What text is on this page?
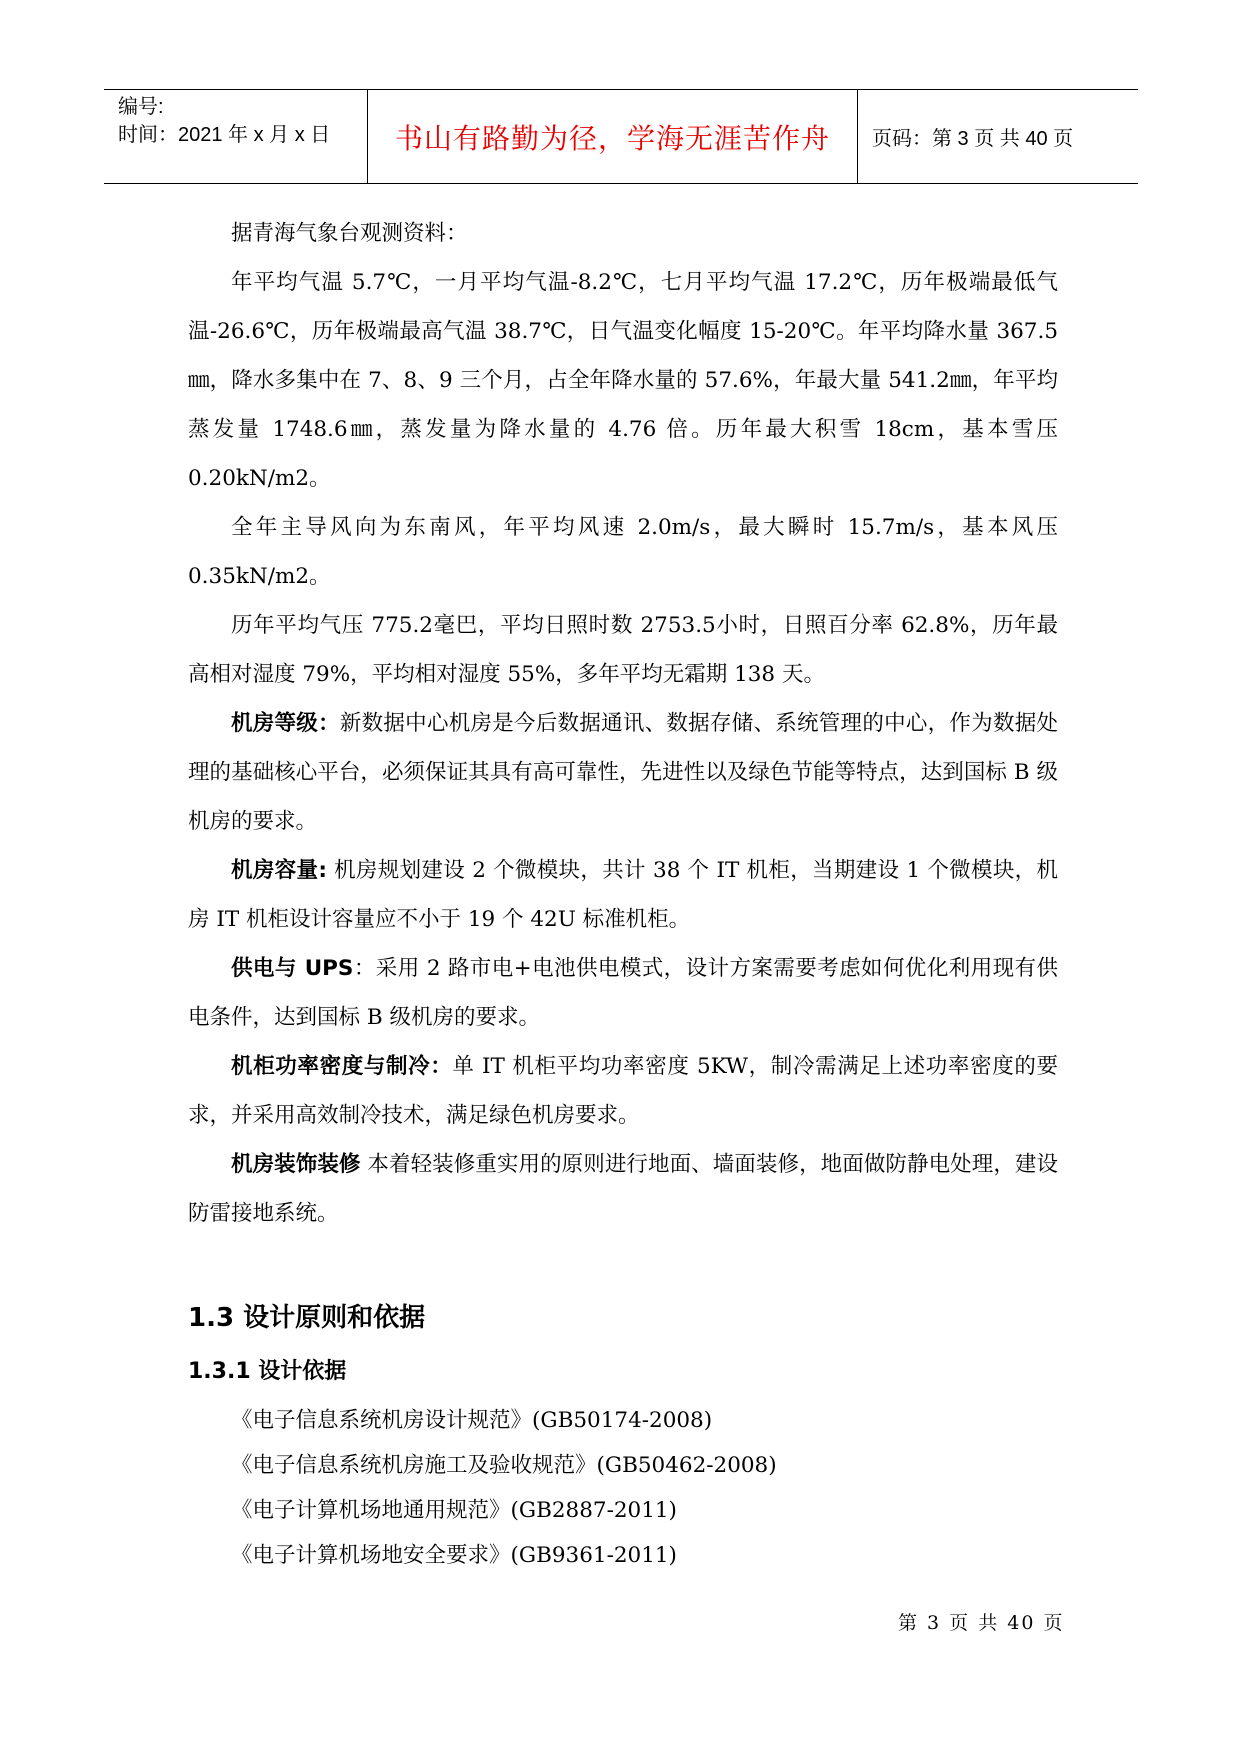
编号:
时间：2021 年 x 月 x 日	书山有路勤为径，学海无涯苦作舟 页码：第 3 页 共 40 页

据青海气象台观测资料：

年平均气温 5.7℃，一月平均气温-8.2℃，七月平均气温 17.2℃，历年极端最低气温-26.6℃，历年极端最高气温 38.7℃，日气温变化幅度 15-20℃。年平均降水量 367.5㎜，降水多集中在 7、8、9 三个月，占全年降水量的 57.6%，年最大量 541.2㎜，年平均蒸发量 1748.6㎜，蒸发量为降水量的 4.76 倍。历年最大积雪 18cm，基本雪压 0.20kN/m2。

全年主导风向为东南风，年平均风速 2.0m/s，最大瞬时 15.7m/s，基本风压 0.35kN/m2。

历年平均气压 775.2毫巴，平均日照时数 2753.5小时，日照百分率 62.8%，历年最高相对湿度 79%，平均相对湿度 55%，多年平均无霜期 138 天。

机房等级：新数据中心机房是今后数据通讯、数据存储、系统管理的中心，作为数据处理的基础核心平台，必须保证其具有高可靠性，先进性以及绿色节能等特点，达到国标 B 级机房的要求。

机房容量: 机房规划建设 2 个微模块，共计 38 个 IT 机柜，当期建设 1 个微模块，机房 IT 机柜设计容量应不小于 19 个 42U 标准机柜。

供电与 UPS：采用 2 路市电+电池供电模式，设计方案需要考虑如何优化利用现有供电条件，达到国标 B 级机房的要求。

机柜功率密度与制冷：单 IT 机柜平均功率密度 5KW，制冷需满足上述功率密度的要求，并采用高效制冷技术，满足绿色机房要求。

机房装饰装修 本着轻装修重实用的原则进行地面、墙面装修，地面做防静电处理，建设防雷接地系统。

1.3 设计原则和依据
1.3.1 设计依据
《电子信息系统机房设计规范》(GB50174-2008)
《电子信息系统机房施工及验收规范》(GB50462-2008)
《电子计算机场地通用规范》(GB2887-2011)
《电子计算机场地安全要求》(GB9361-2011)
第 3 页 共 40 页
